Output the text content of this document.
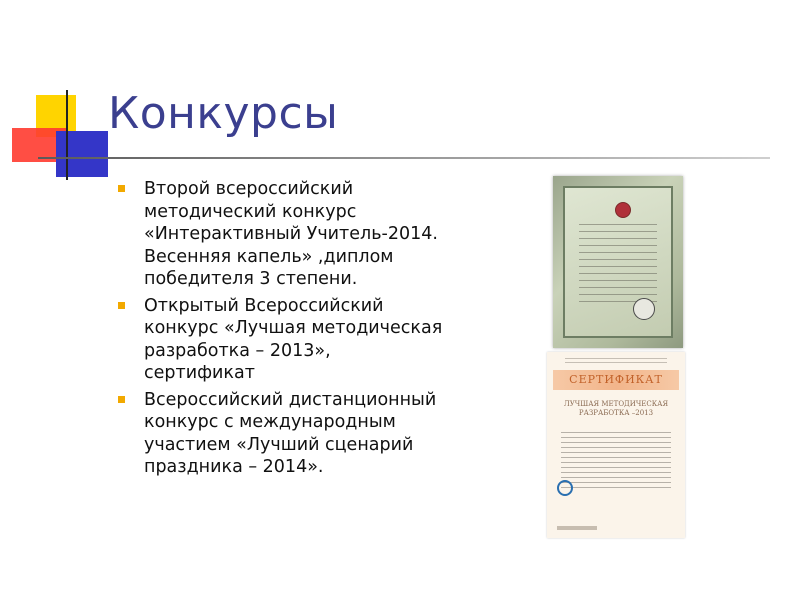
Конкурсы
Второй всероссийский методический конкурс «Интерактивный Учитель-2014. Весенняя капель» ,диплом победителя 3 степени.
Открытый Всероссийский конкурс «Лучшая методическая разработка – 2013», сертификат
Всероссийский дистанционный конкурс с международным участием «Лучший сценарий праздника – 2014».
СЕРТИФИКАТ
ЛУЧШАЯ МЕТОДИЧЕСКАЯ РАЗРАБОТКА –2013
